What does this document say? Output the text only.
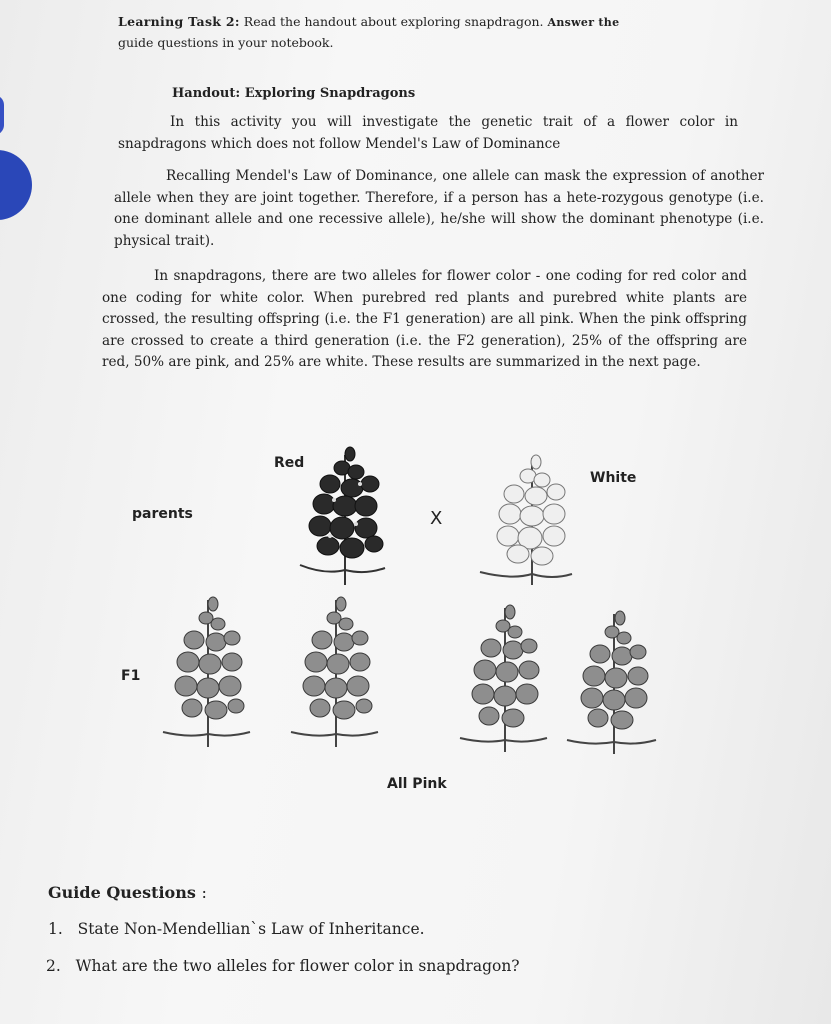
Learning Task 2: Read the handout about exploring snapdragon. Answer the
guide questions in your notebook.
Handout: Exploring Snapdragons
In this activity you will investigate the genetic trait of a flower color in snapdragons which does not follow Mendel's Law of Dominance
Recalling Mendel's Law of Dominance, one allele can mask the expression of another allele when they are joint together. Therefore, if a person has a hete-rozygous genotype (i.e. one dominant allele and one recessive allele), he/she will show the dominant phenotype (i.e. physical trait).
In snapdragons, there are two alleles for flower color - one coding for red color and one coding for white color. When purebred red plants and purebred white plants are crossed, the resulting offspring (i.e. the F1 generation) are all pink. When the pink offspring are crossed to create a third generation (i.e. the F2 generation), 25% of the offspring are red, 50% are pink, and 25% are white. These results are summarized in the next page.
Red
White
parents	X
F1
All Pink
Guide Questions :
1. State Non-Mendellian`s Law of Inheritance.
2. What are the two alleles for flower color in snapdragon?
